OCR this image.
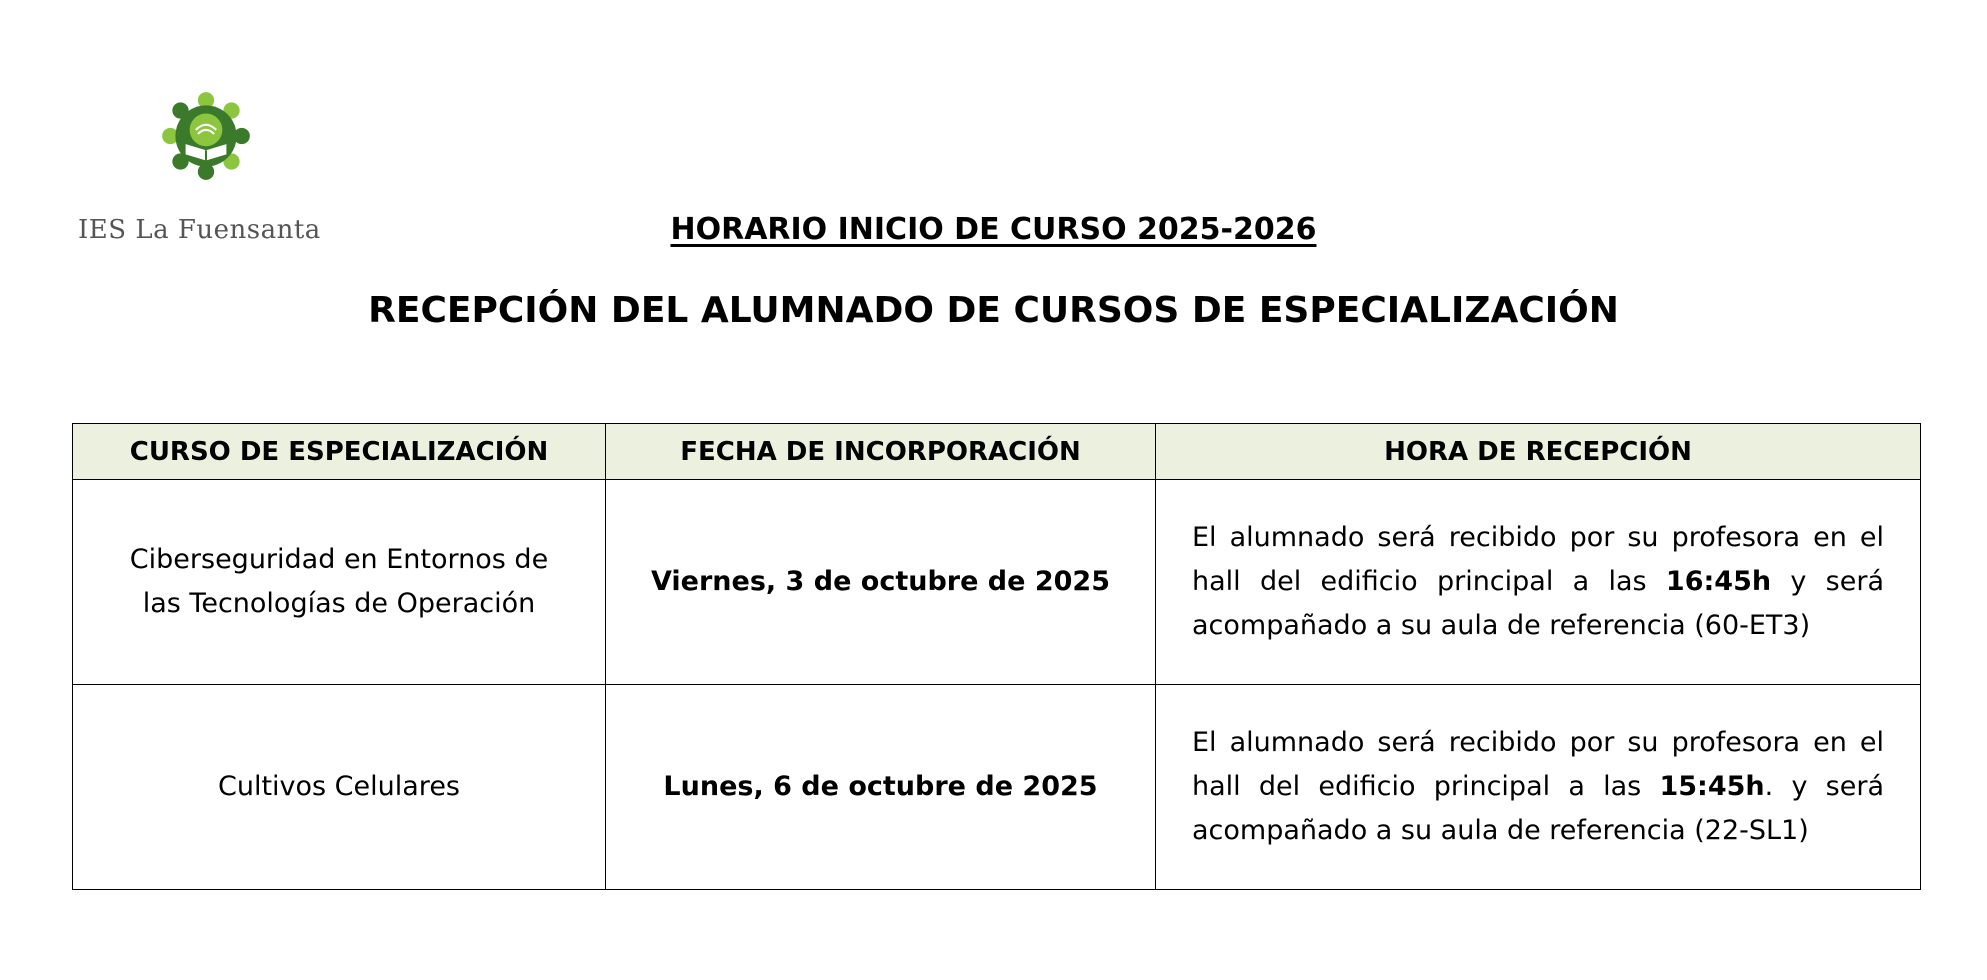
IES La Fuensanta	HORARIO INICIO DE CURSO 2025-2026
RECEPCIÓN DEL ALUMNADO DE CURSOS DE ESPECIALIZACIÓN
CURSO DE ESPECIALIZACIÓN	FECHA DE INCORPORACIÓN	HORA DE RECEPCIÓN
Ciberseguridad en Entornos de las Tecnologías de Operación	Viernes, 3 de octubre de 2025	El alumnado será recibido por su profesora en el hall del edificio principal a las 16:45h y será acompañado a su aula de referencia (60-ET3)
Cultivos Celulares	Lunes, 6 de octubre de 2025	El alumnado será recibido por su profesora en el hall del edificio principal a las 15:45h. y será acompañado a su aula de referencia (22-SL1)
